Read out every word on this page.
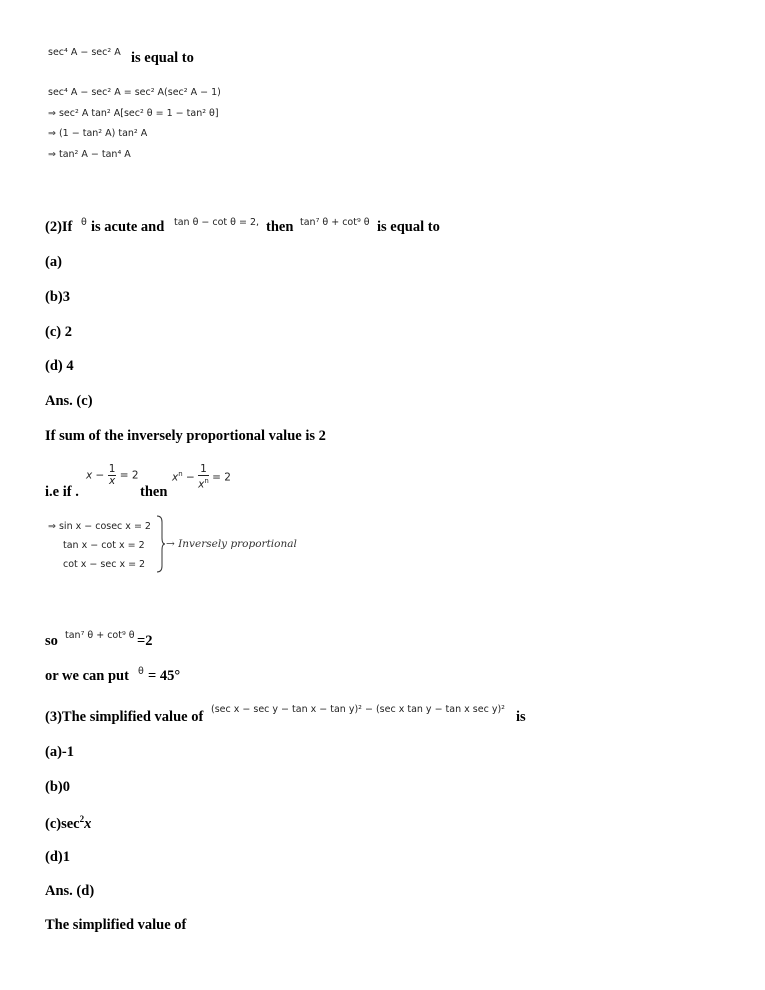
sec⁴ A − sec² A is equal to
sec⁴ A − sec² A = sec² A(sec² A − 1)
⇒ sec² A tan² A[sec² θ = 1 − tan² θ]
⇒ (1 − tan² A) tan² A
⇒ tan² A − tan⁴ A
(2)If θ is acute and tan θ − cot θ = 2, then tan⁷ θ + cot⁹ θ is equal to
(a)
(b)3
(c) 2
(d) 4
Ans. (c)
If sum of the inversely proportional value is 2
i.e if .
$x - \frac{1}{x} = 2$
then
$x^n - \frac{1}{x^n} = 2$
⇒ sin x − cosec x = 2
tan x − cot x = 2
cot x − sec x = 2
→ Inversely proportional
so tan⁷ θ + cot⁹ θ =2
or we can put θ = 45°
(3)The simplified value of (sec x − sec y − tan x − tan y)² − (sec x tan y − tan x sec y)² is
(a)-1
(b)0
$(c)\sec^2x$
(d)1
Ans. (d)
The simplified value of
